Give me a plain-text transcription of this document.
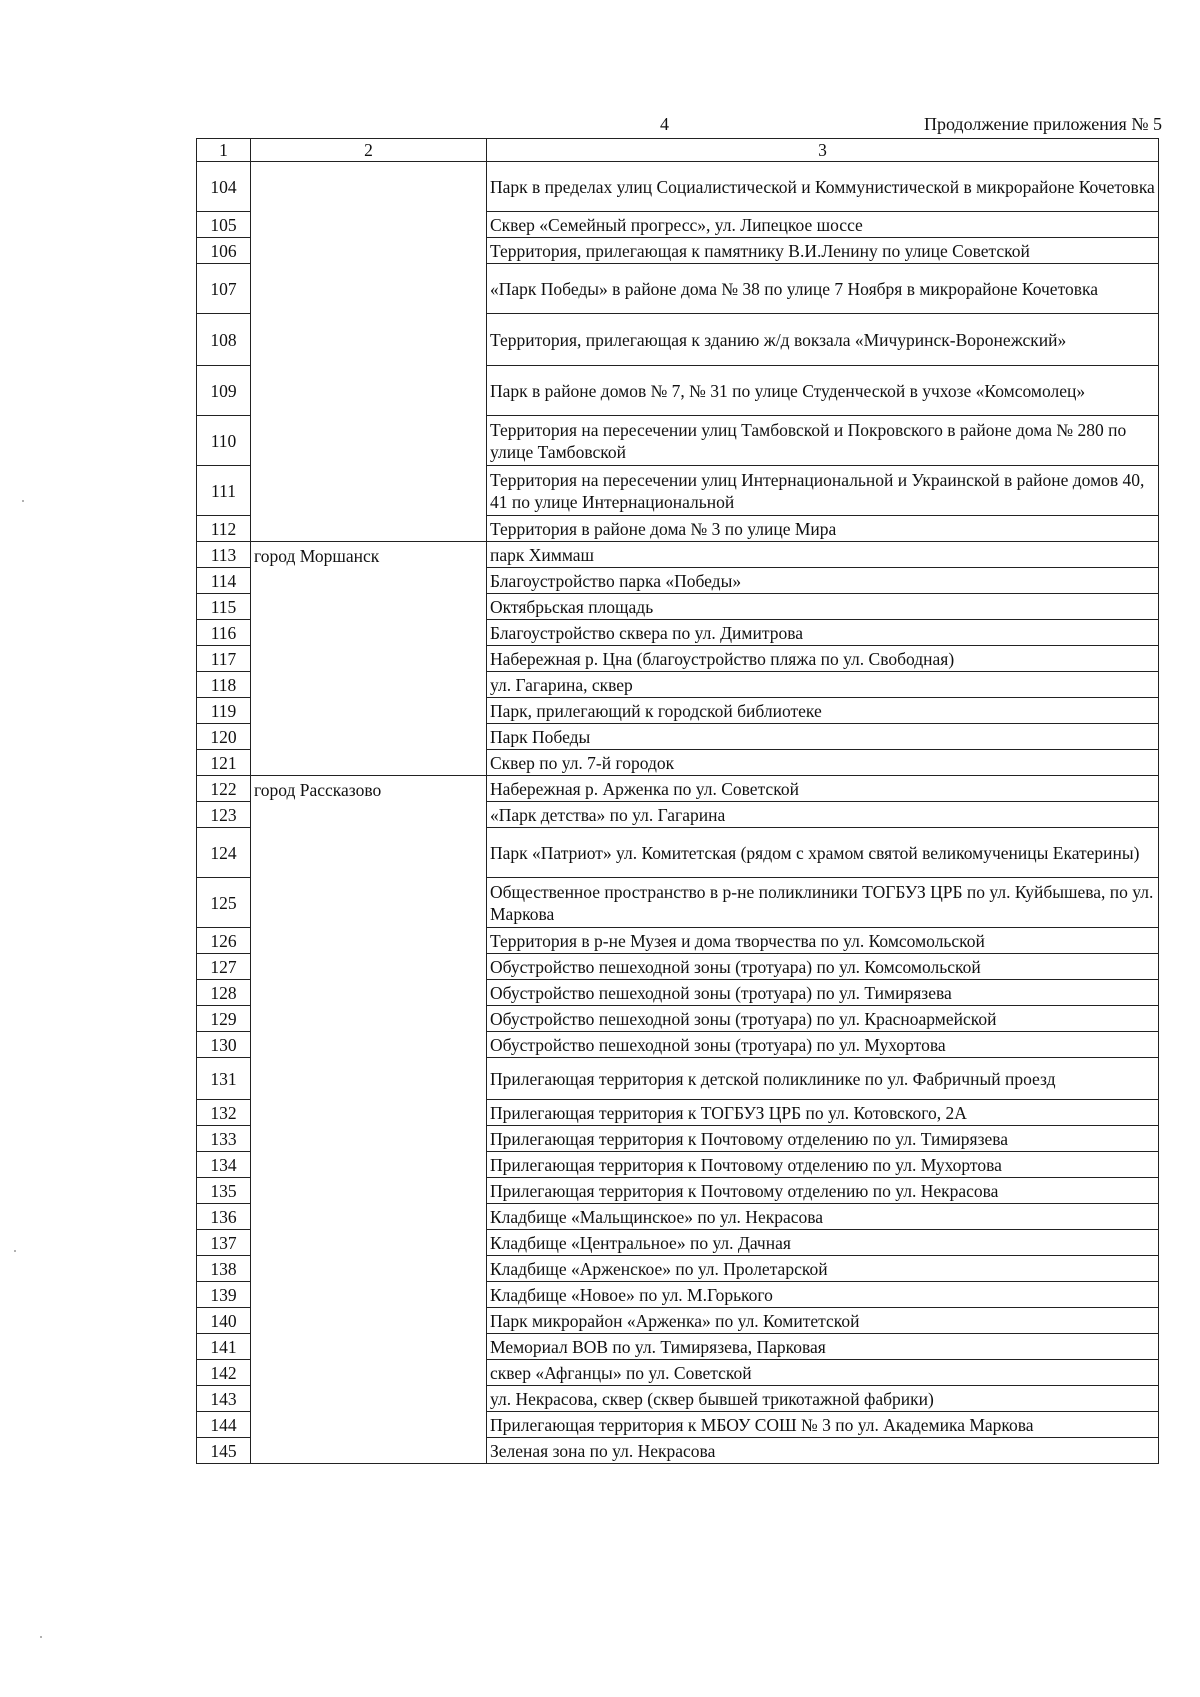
4	Продолжение приложения № 5
1	2	3
104		Парк в пределах улиц Социалистической и Коммунистической в микрорайоне Кочетовка
105		Сквер «Семейный прогресс», ул. Липецкое шоссе
106		Территория, прилегающая к памятнику В.И.Ленину по улице Советской
107		«Парк Победы» в районе дома № 38 по улице 7 Ноября в микрорайоне Кочетовка
108		Территория, прилегающая к зданию ж/д вокзала «Мичуринск-Воронежский»
109		Парк в районе домов № 7, № 31 по улице Студенческой в учхозе «Комсомолец»
110		Территория на пересечении улиц Тамбовской и Покровского в районе дома № 280 по улице Тамбовской
111		Территория на пересечении улиц Интернациональной и Украинской в районе домов 40, 41 по улице Интернациональной
112		Территория в районе дома № 3 по улице Мира
113	город Моршанск	парк Химмаш
114		Благоустройство парка «Победы»
115		Октябрьская площадь
116		Благоустройство сквера по ул. Димитрова
117		Набережная р. Цна (благоустройство пляжа по ул. Свободная)
118		ул. Гагарина, сквер
119		Парк, прилегающий к городской библиотеке
120		Парк Победы
121		Сквер по ул. 7-й городок
122	город Рассказово	Набережная р. Арженка по ул. Советской
123		«Парк детства» по ул. Гагарина
124		Парк «Патриот» ул. Комитетская (рядом с храмом святой великомученицы Екатерины)
125		Общественное пространство в р-не поликлиники ТОГБУЗ ЦРБ по ул. Куйбышева, по ул. Маркова
126		Территория в р-не Музея и дома творчества по ул. Комсомольской
127		Обустройство пешеходной зоны (тротуара) по ул. Комсомольской
128		Обустройство пешеходной зоны (тротуара) по ул. Тимирязева
129		Обустройство пешеходной зоны (тротуара) по ул. Красноармейской
130		Обустройство пешеходной зоны (тротуара) по ул. Мухортова
131		Прилегающая территория к детской поликлинике по ул. Фабричный проезд
132		Прилегающая территория к ТОГБУЗ ЦРБ по ул. Котовского, 2А
133		Прилегающая территория к Почтовому отделению по ул. Тимирязева
134		Прилегающая территория к Почтовому отделению по ул. Мухортова
135		Прилегающая территория к Почтовому отделению по ул. Некрасова
136		Кладбище «Мальщинское» по ул. Некрасова
137		Кладбище «Центральное» по ул. Дачная
138		Кладбище «Арженское» по ул. Пролетарской
139		Кладбище «Новое» по ул. М.Горького
140		Парк микрорайон «Арженка» по ул. Комитетской
141		Мемориал ВОВ по ул. Тимирязева, Парковая
142		сквер «Афганцы» по ул. Советской
143		ул. Некрасова, сквер (сквер бывшей трикотажной фабрики)
144		Прилегающая территория к МБОУ СОШ № 3 по ул. Академика Маркова
145		Зеленая зона по ул. Некрасова
